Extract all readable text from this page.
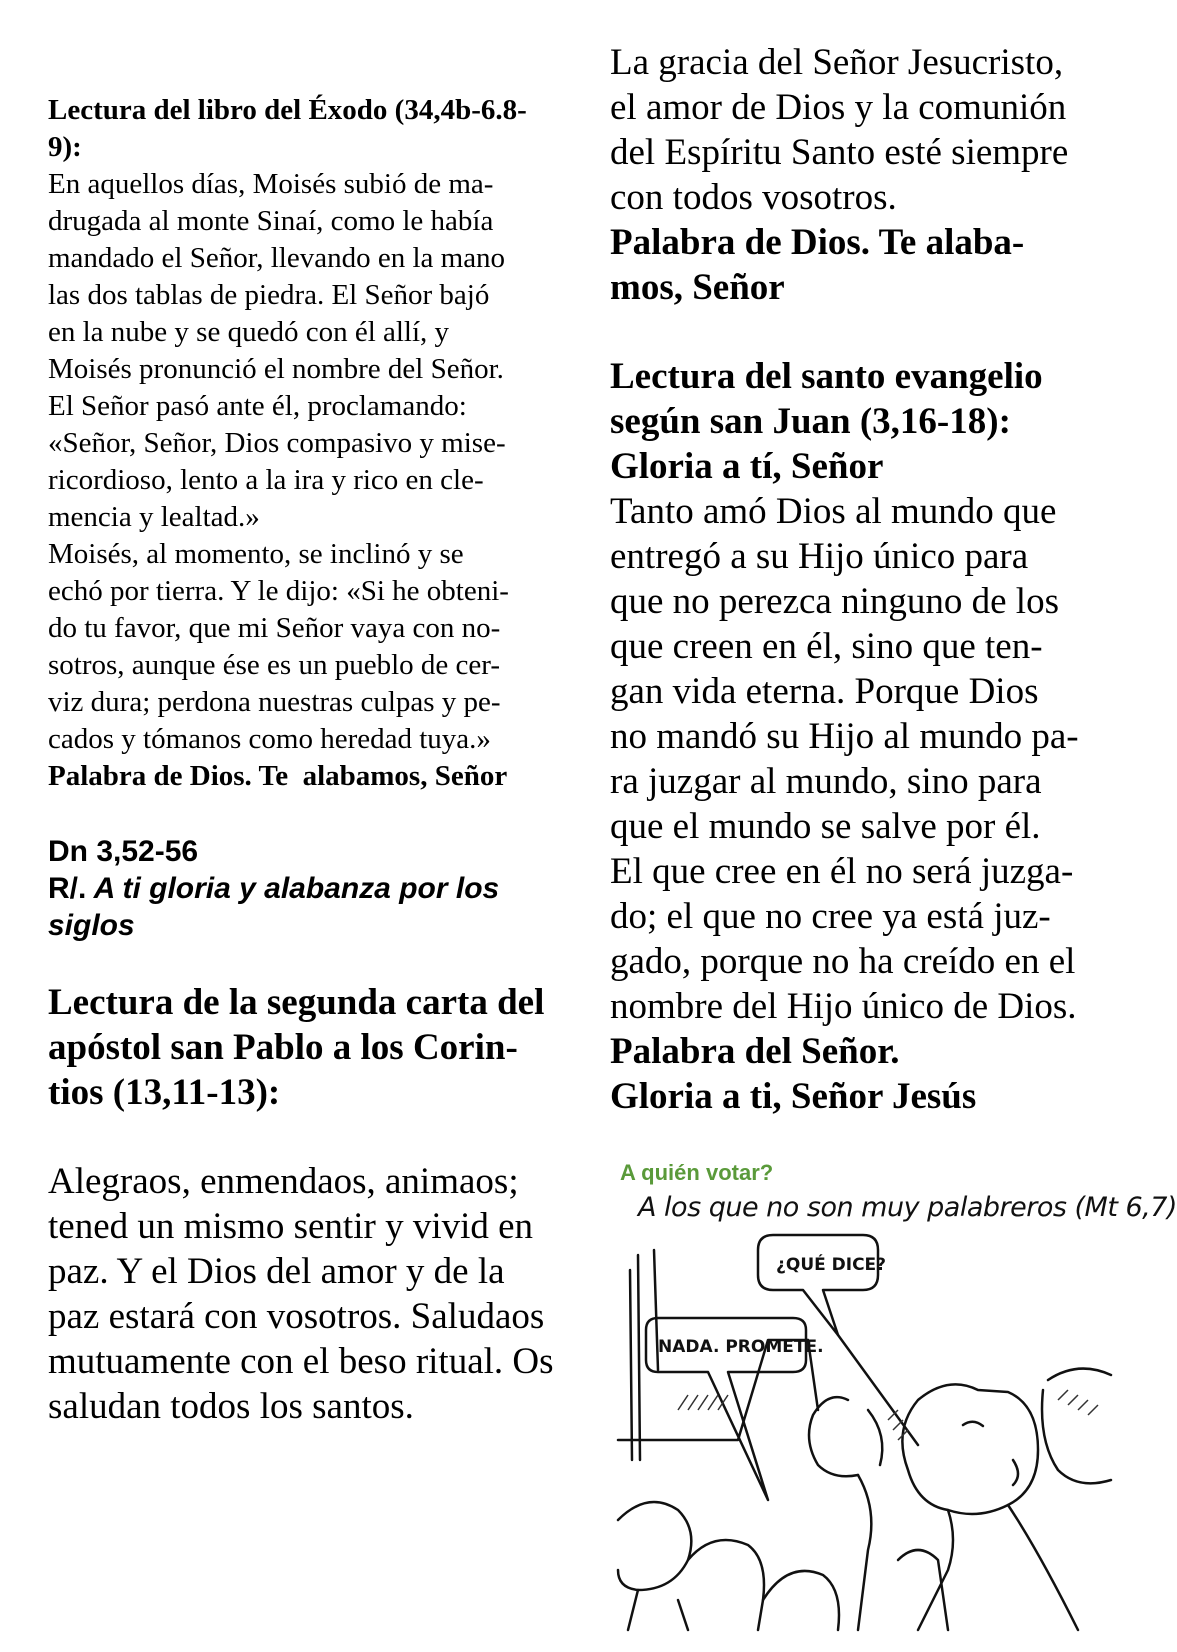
Lectura del libro del Éxodo (34,4b-6.8-9):
En aquellos días, Moisés subió de ma-
drugada al monte Sinaí, como le había
mandado el Señor, llevando en la mano
las dos tablas de piedra. El Señor bajó
en la nube y se quedó con él allí, y
Moisés pronunció el nombre del Señor.
El Señor pasó ante él, proclamando:
«Señor, Señor, Dios compasivo y mise-
ricordioso, lento a la ira y rico en cle-
mencia y lealtad.»
Moisés, al momento, se inclinó y se
echó por tierra. Y le dijo: «Si he obteni-
do tu favor, que mi Señor vaya con no-
sotros, aunque ése es un pueblo de cer-
viz dura; perdona nuestras culpas y pe-
cados y tómanos como heredad tuya.»
Palabra de Dios. Te  alabamos, Señor
Dn 3,52-56
R/. A ti gloria y alabanza por los
siglos
Lectura de la segunda carta del
apóstol san Pablo a los Corin-
tios (13,11-13):
Alegraos, enmendaos, animaos;
tened un mismo sentir y vivid en
paz. Y el Dios del amor y de la
paz estará con vosotros. Saludaos
mutuamente con el beso ritual. Os
saludan todos los santos.
La gracia del Señor Jesucristo,
el amor de Dios y la comunión
del Espíritu Santo esté siempre
con todos vosotros.
Palabra de Dios. Te alaba-
mos, Señor
Lectura del santo evangelio
según san Juan (3,16-18):
Gloria a tí, Señor
Tanto amó Dios al mundo que
entregó a su Hijo único para
que no perezca ninguno de los
que creen en él, sino que ten-
gan vida eterna. Porque Dios
no mandó su Hijo al mundo pa-
ra juzgar al mundo, sino para
que el mundo se salve por él.
El que cree en él no será juzga-
do; el que no cree ya está juz-
gado, porque no ha creído en el
nombre del Hijo único de Dios.
Palabra del Señor.
Gloria a ti, Señor Jesús
A quién votar?
A los que no son muy palabreros (Mt 6,7)
¿QUÉ DICE?
NADA. PROMETE.
